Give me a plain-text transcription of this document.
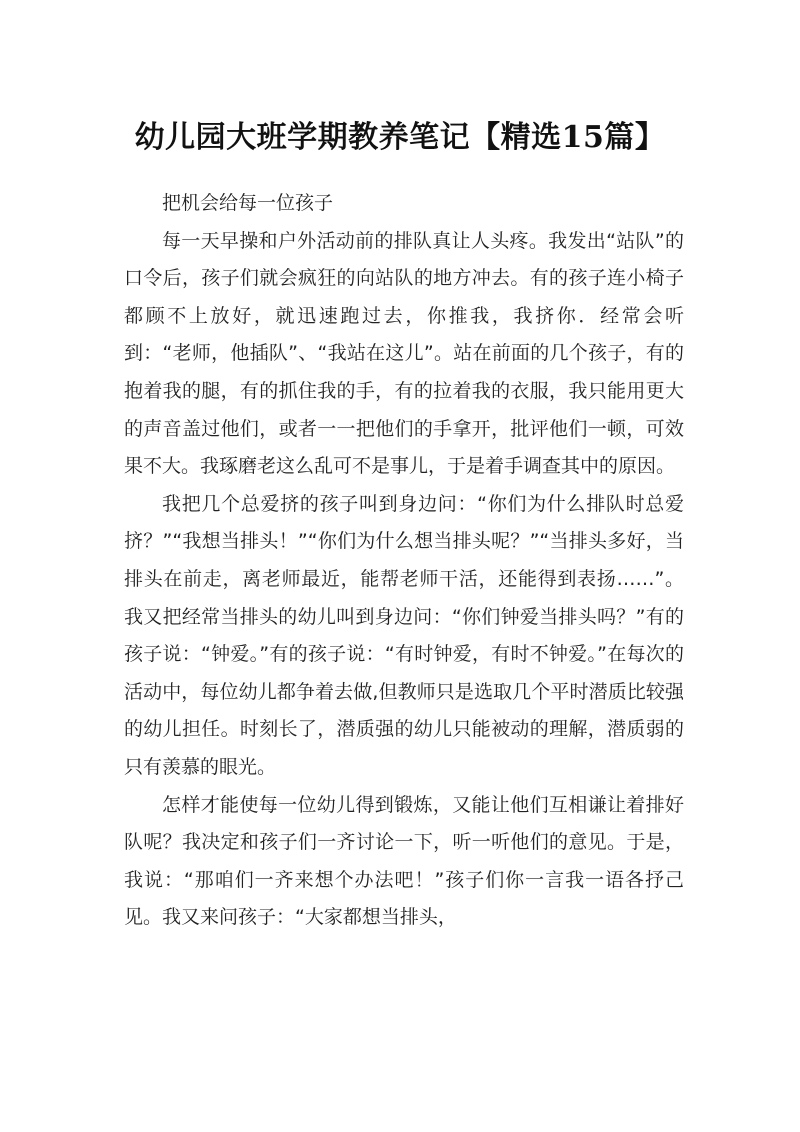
幼儿园大班学期教养笔记【精选15篇】

把机会给每一位孩子

每一天早操和户外活动前的排队真让人头疼。我发出“站队”的口令后，孩子们就会疯狂的向站队的地方冲去。有的孩子连小椅子都顾不上放好，就迅速跑过去，你推我，我挤你．经常会听到：“老师，他插队”、“我站在这儿”。站在前面的几个孩子，有的抱着我的腿，有的抓住我的手，有的拉着我的衣服，我只能用更大的声音盖过他们，或者一一把他们的手拿开，批评他们一顿，可效果不大。我琢磨老这么乱可不是事儿，于是着手调查其中的原因。

我把几个总爱挤的孩子叫到身边问：“你们为什么排队时总爱挤？”“我想当排头！”“你们为什么想当排头呢？”“当排头多好，当排头在前走，离老师最近，能帮老师干活，还能得到表扬……”。我又把经常当排头的幼儿叫到身边问：“你们钟爱当排头吗？”有的孩子说：“钟爱。”有的孩子说：“有时钟爱，有时不钟爱。”在每次的活动中，每位幼儿都争着去做,但教师只是选取几个平时潜质比较强的幼儿担任。时刻长了，潜质强的幼儿只能被动的理解，潜质弱的只有羡慕的眼光。

怎样才能使每一位幼儿得到锻炼，又能让他们互相谦让着排好队呢？我决定和孩子们一齐讨论一下，听一听他们的意见。于是，我说：“那咱们一齐来想个办法吧！”孩子们你一言我一语各抒己见。我又来问孩子：“大家都想当排头，
